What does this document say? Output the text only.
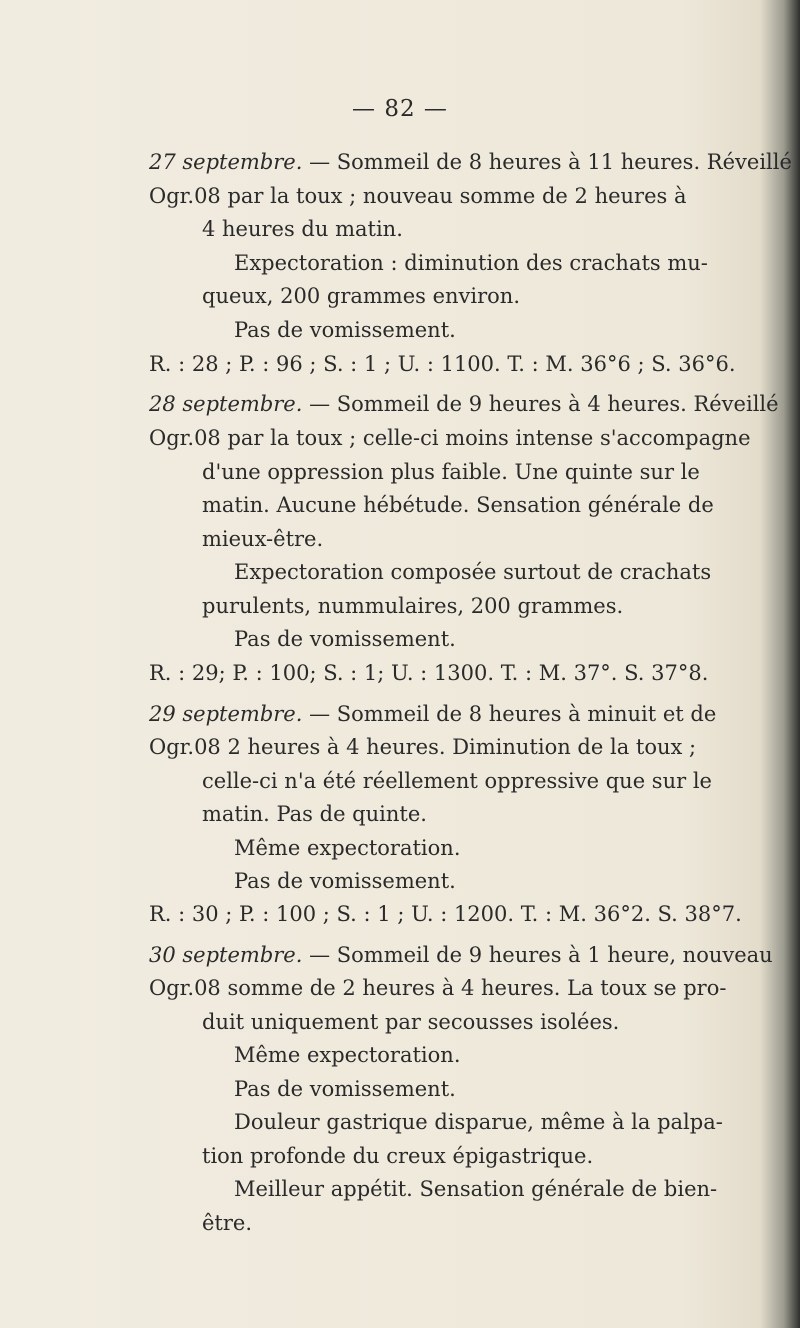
— 82 —
27 septembre. — Sommeil de 8 heures à 11 heures. Réveillé
Ogr.08 par la toux ; nouveau somme de 2 heures à
4 heures du matin.
Expectoration : diminution des crachats mu-
queux, 200 grammes environ.
Pas de vomissement.
R. : 28 ; P. : 96 ; S. : 1 ; U. : 1100. T. : M. 36°6 ; S. 36°6.
28 septembre. — Sommeil de 9 heures à 4 heures. Réveillé
Ogr.08 par la toux ; celle-ci moins intense s'accompagne
d'une oppression plus faible. Une quinte sur le
matin. Aucune hébétude. Sensation générale de
mieux-être.
Expectoration composée surtout de crachats
purulents, nummulaires, 200 grammes.
Pas de vomissement.
R. : 29; P. : 100; S. : 1; U. : 1300. T. : M. 37°. S. 37°8.
29 septembre. — Sommeil de 8 heures à minuit et de
Ogr.08 2 heures à 4 heures. Diminution de la toux ;
celle-ci n'a été réellement oppressive que sur le
matin. Pas de quinte.
Même expectoration.
Pas de vomissement.
R. : 30 ; P. : 100 ; S. : 1 ; U. : 1200. T. : M. 36°2. S. 38°7.
30 septembre. — Sommeil de 9 heures à 1 heure, nouveau
Ogr.08 somme de 2 heures à 4 heures. La toux se pro-
duit uniquement par secousses isolées.
Même expectoration.
Pas de vomissement.
Douleur gastrique disparue, même à la palpa-
tion profonde du creux épigastrique.
Meilleur appétit. Sensation générale de bien-
être.
